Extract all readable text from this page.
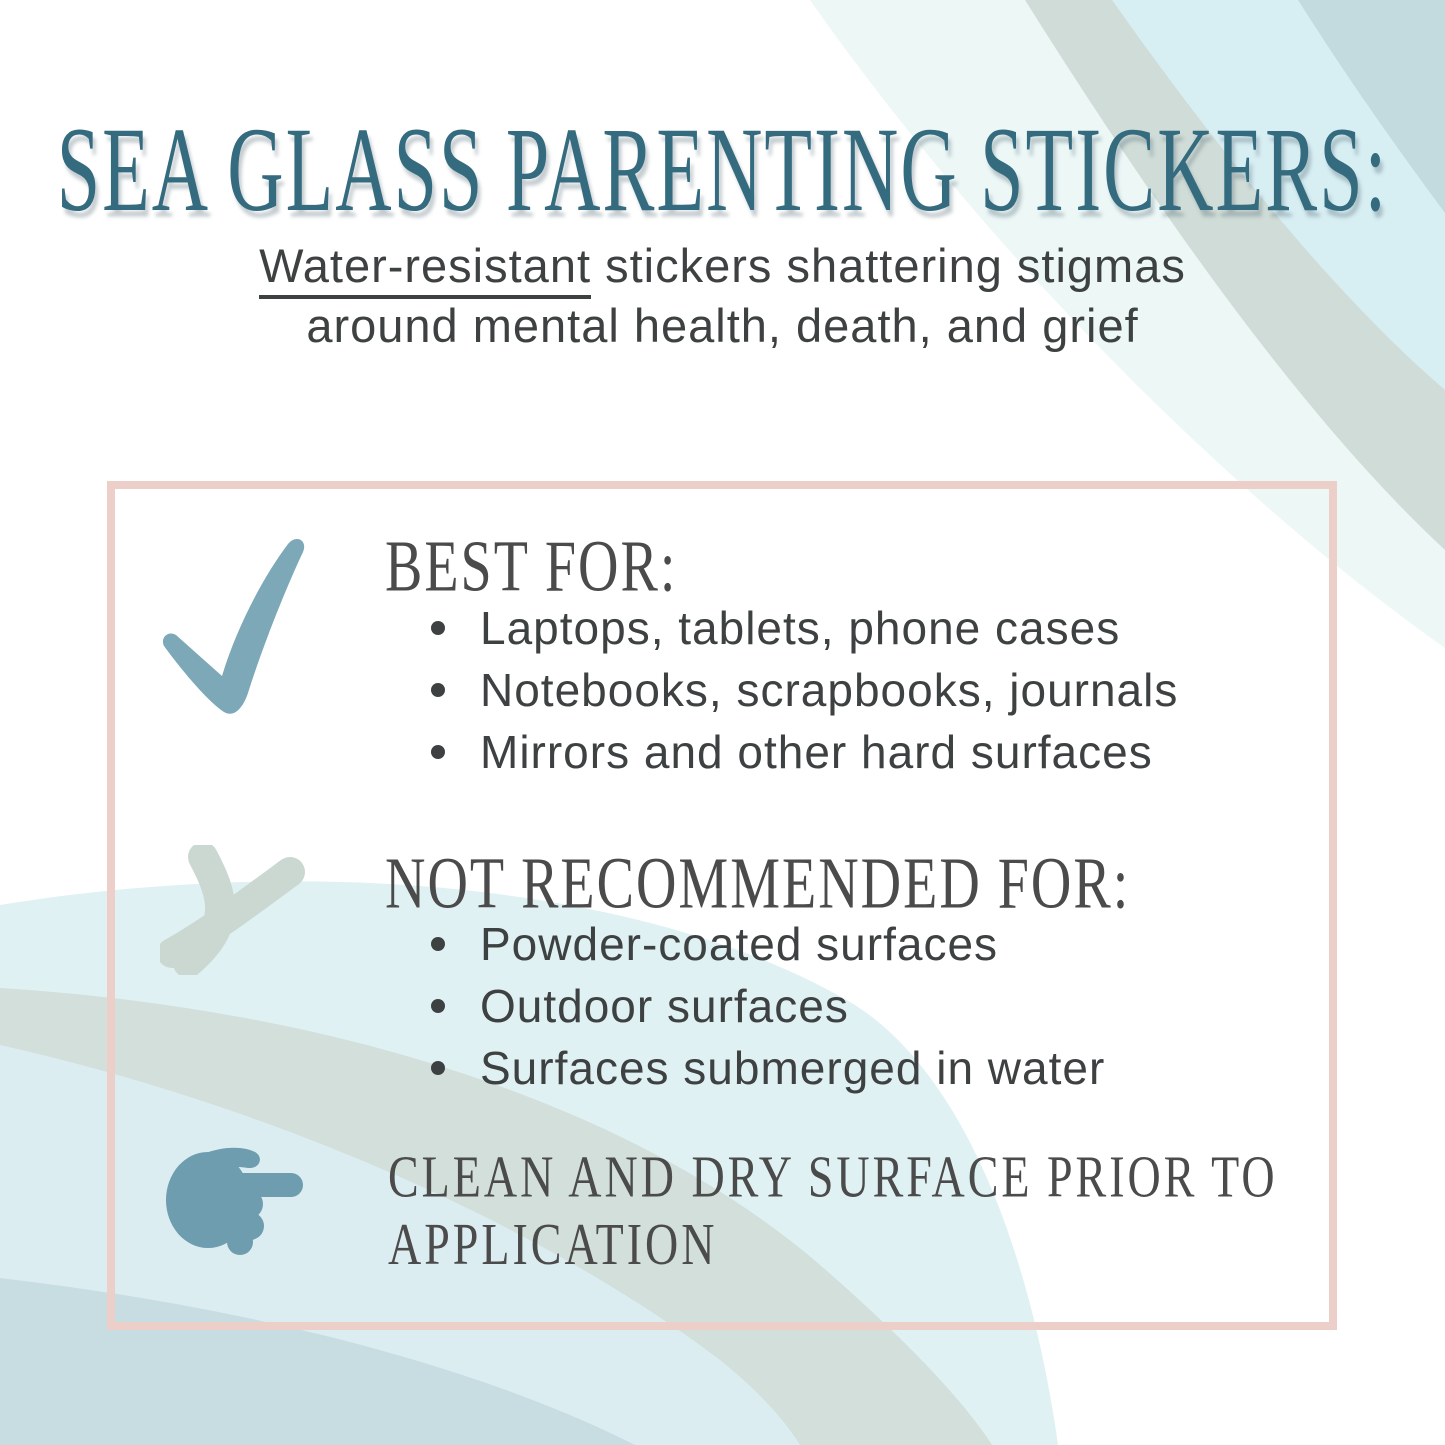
SEA GLASS PARENTING STICKERS:
Water-resistant stickers shattering stigmas
around mental health, death, and grief
BEST FOR:
Laptops, tablets, phone cases
Notebooks, scrapbooks, journals
Mirrors and other hard surfaces
NOT RECOMMENDED FOR:
Powder-coated surfaces
Outdoor surfaces
Surfaces submerged in water
CLEAN AND DRY SURFACE PRIOR TO APPLICATION
